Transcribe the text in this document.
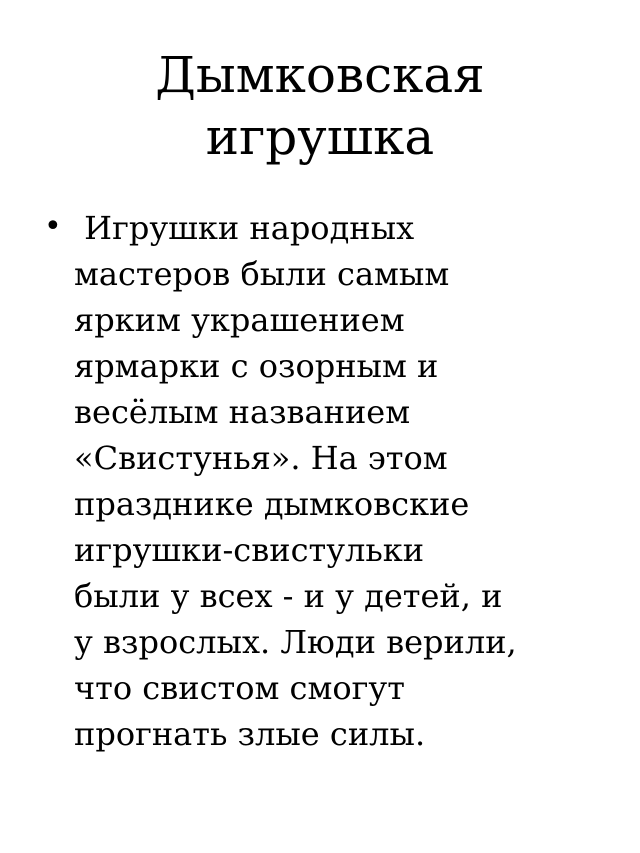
Дымковская
игрушка
• Игрушки народных
мастеров были самым
ярким украшением
ярмарки с озорным и
весёлым названием
«Свистунья». На этом
празднике дымковские
игрушки-свистульки
были у всех - и у детей, и
у взрослых. Люди верили,
что свистом смогут
прогнать злые силы.
